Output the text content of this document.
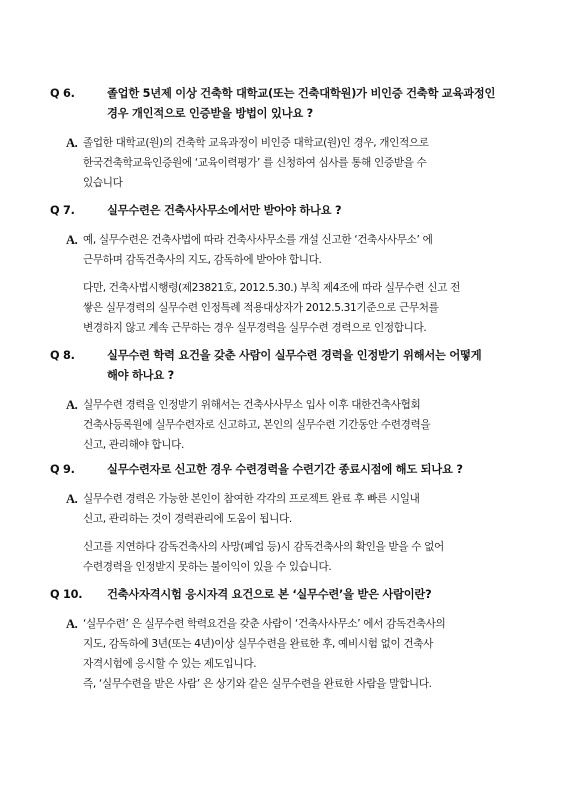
Q 6.	졸업한 5년제 이상 건축학 대학교(또는 건축대학원)가 비인증 건축학 교육과정인
경우 개인적으로 인증받을 방법이 있나요 ?
A. 졸업한 대학교(원)의 건축학 교육과정이 비인증 대학교(원)인 경우, 개인적으로
한국건축학교육인증원에 ‘교육이력평가’ 를 신청하여 심사를 통해 인증받을 수
있습니다
Q 7.	실무수련은 건축사사무소에서만 받아야 하나요 ?
A. 예, 실무수련은 건축사법에 따라 건축사사무소를 개설 신고한 ‘건축사사무소’ 에
근무하며 감독건축사의 지도, 감독하에 받아야 합니다.
다만, 건축사법시행령(제23821호, 2012.5.30.) 부칙 제4조에 따라 실무수련 신고 전
쌓은 실무경력의 실무수련 인정특례 적용대상자가 2012.5.31기준으로 근무처를
변경하지 않고 계속 근무하는 경우 실무경력을 실무수련 경력으로 인정합니다.
Q 8.	실무수련 학력 요건을 갖춘 사람이 실무수련 경력을 인정받기 위해서는 어떻게
해야 하나요 ?
A. 실무수련 경력을 인정받기 위해서는 건축사사무소 입사 이후 대한건축사협회
건축사등록원에 실무수련자로 신고하고, 본인의 실무수련 기간동안 수련경력을
신고, 관리해야 합니다.
Q 9.	실무수련자로 신고한 경우 수련경력을 수련기간 종료시점에 해도 되나요 ?
A. 실무수련 경력은 가능한 본인이 참여한 각각의 프로젝트 완료 후 빠른 시일내
신고, 관리하는 것이 경력관리에 도움이 됩니다.
신고를 지연하다 감독건축사의 사망(폐업 등)시 감독건축사의 확인을 받을 수 없어
수련경력을 인정받지 못하는 불이익이 있을 수 있습니다.
Q 10. 건축사자격시험 응시자격 요건으로 본 ‘실무수련’을 받은 사람이란?
A. ‘실무수련’ 은 실무수련 학력요건을 갖춘 사람이 ‘건축사사무소’ 에서 감독건축사의
지도, 감독하에 3년(또는 4년)이상 실무수련을 완료한 후, 예비시험 없이 건축사
자격시험에 응시할 수 있는 제도입니다.
즉, ‘실무수련을 받은 사람’ 은 상기와 같은 실무수련을 완료한 사람을 말합니다.
